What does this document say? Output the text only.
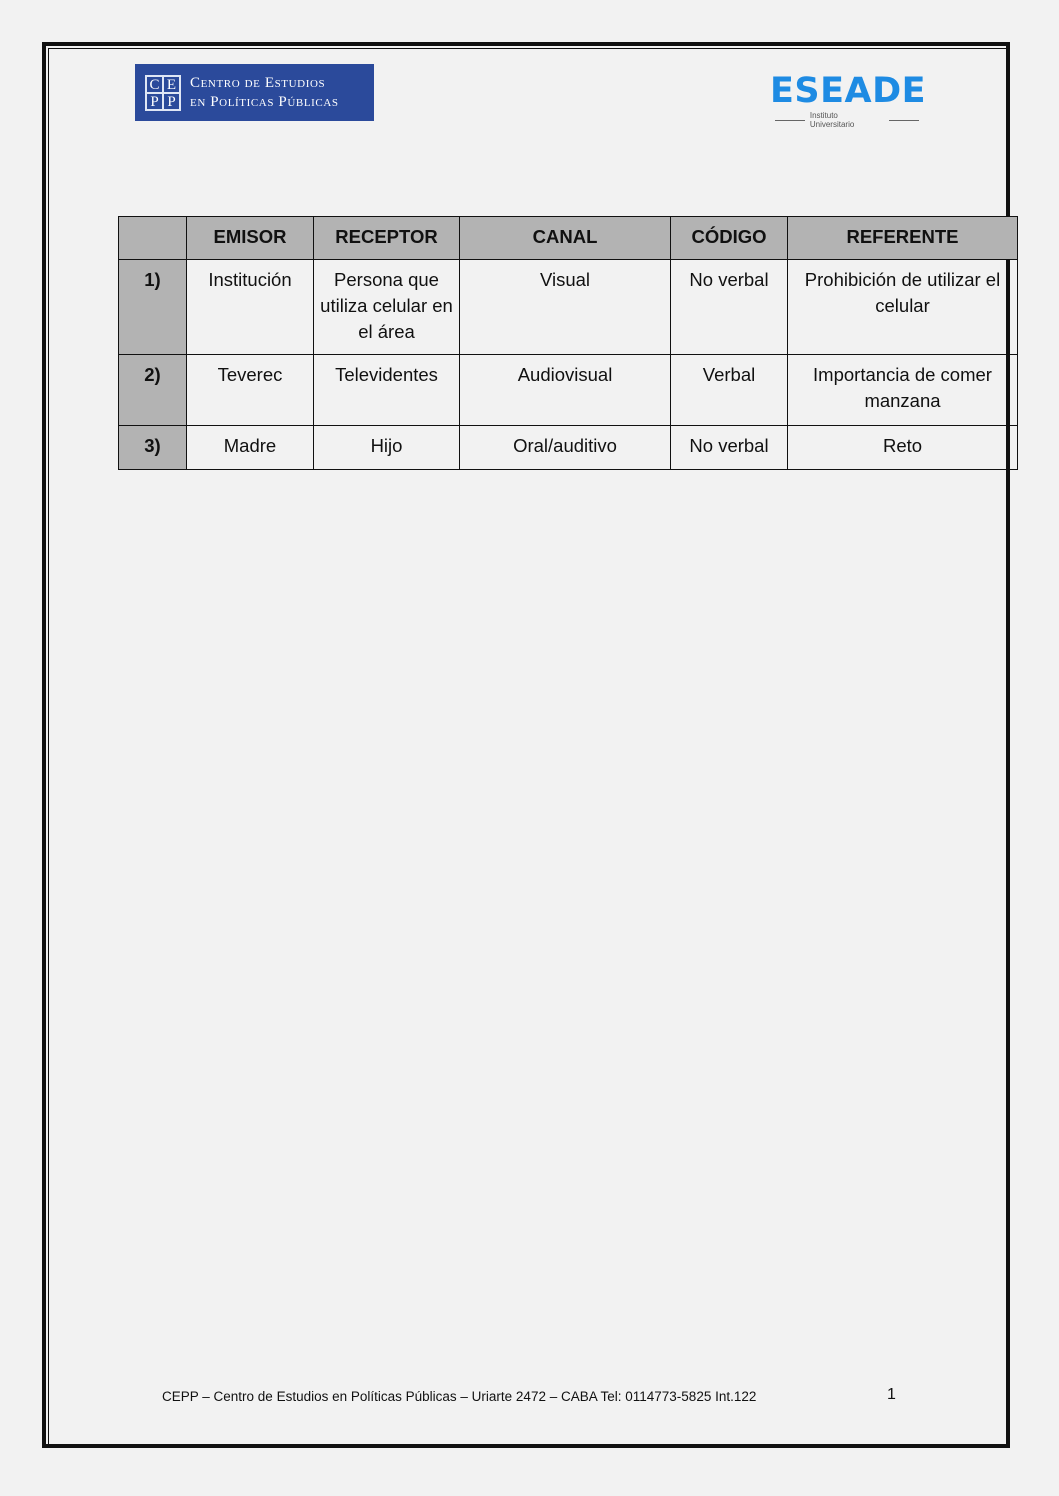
C E
P P
Centro de Estudios
en Políticas Públicas	ESEADE
Instituto Universitario
	EMISOR	RECEPTOR	CANAL	CÓDIGO	REFERENTE
1)	Institución	Persona que utiliza celular en el área	Visual	No verbal	Prohibición de utilizar el celular
2)	Teverec	Televidentes	Audiovisual	Verbal	Importancia de comer manzana
3)	Madre	Hijo	Oral/auditivo	No verbal	Reto
CEPP – Centro de Estudios en Políticas Públicas – Uriarte 2472 – CABA Tel: 0114773-5825 Int.122	1
